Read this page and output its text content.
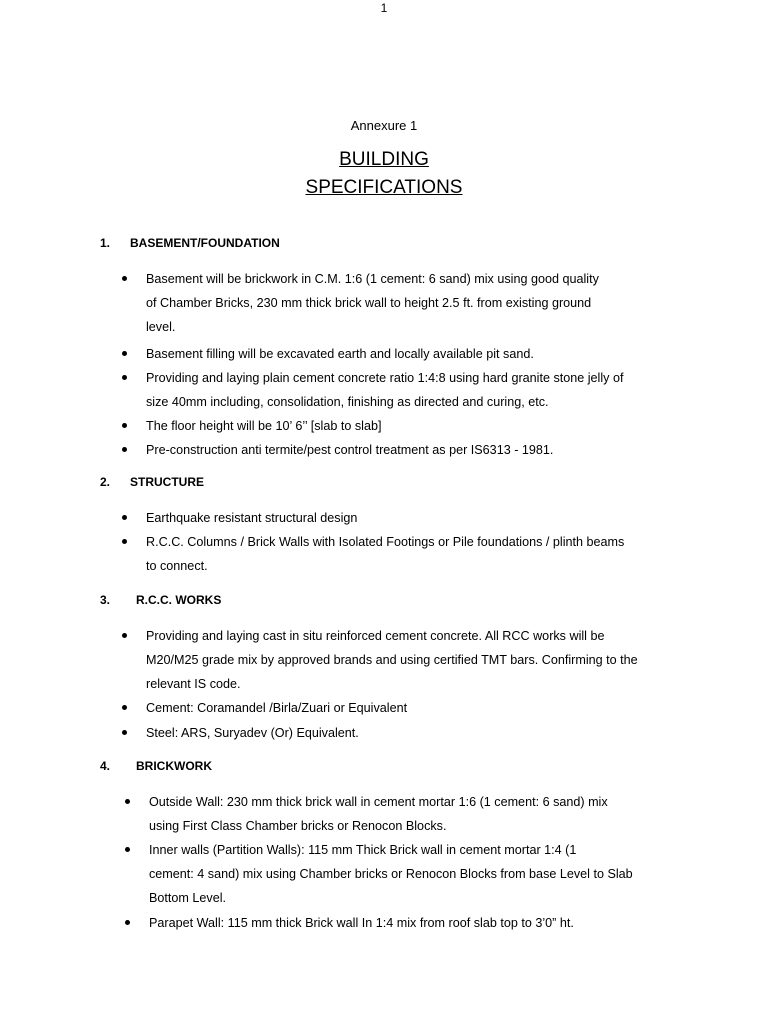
1
Annexure 1
BUILDING
SPECIFICATIONS
1. BASEMENT/FOUNDATION
Basement will be brickwork in C.M. 1:6 (1 cement: 6 sand) mix using good quality
of Chamber Bricks, 230 mm thick brick wall to height 2.5 ft. from existing ground
level.
Basement filling will be excavated earth and locally available pit sand.
Providing and laying plain cement concrete ratio 1:4:8 using hard granite stone jelly of
size 40mm including, consolidation, finishing as directed and curing, etc.
The floor height will be 10’ 6’’ [slab to slab]
Pre-construction anti termite/pest control treatment as per IS6313 - 1981.
2. STRUCTURE
Earthquake resistant structural design
R.C.C. Columns / Brick Walls with Isolated Footings or Pile foundations / plinth beams
to connect.
3. R.C.C. WORKS
Providing and laying cast in situ reinforced cement concrete. All RCC works will be
M20/M25 grade mix by approved brands and using certified TMT bars. Confirming to the
relevant IS code.
Cement: Coramandel /Birla/Zuari or Equivalent
Steel: ARS, Suryadev (Or) Equivalent.
4. BRICKWORK
Outside Wall: 230 mm thick brick wall in cement mortar 1:6 (1 cement: 6 sand) mix
using First Class Chamber bricks or Renocon Blocks.
Inner walls (Partition Walls): 115 mm Thick Brick wall in cement mortar 1:4 (1
cement: 4 sand) mix using Chamber bricks or Renocon Blocks from base Level to Slab
Bottom Level.
Parapet Wall: 115 mm thick Brick wall In 1:4 mix from roof slab top to 3’0” ht.
